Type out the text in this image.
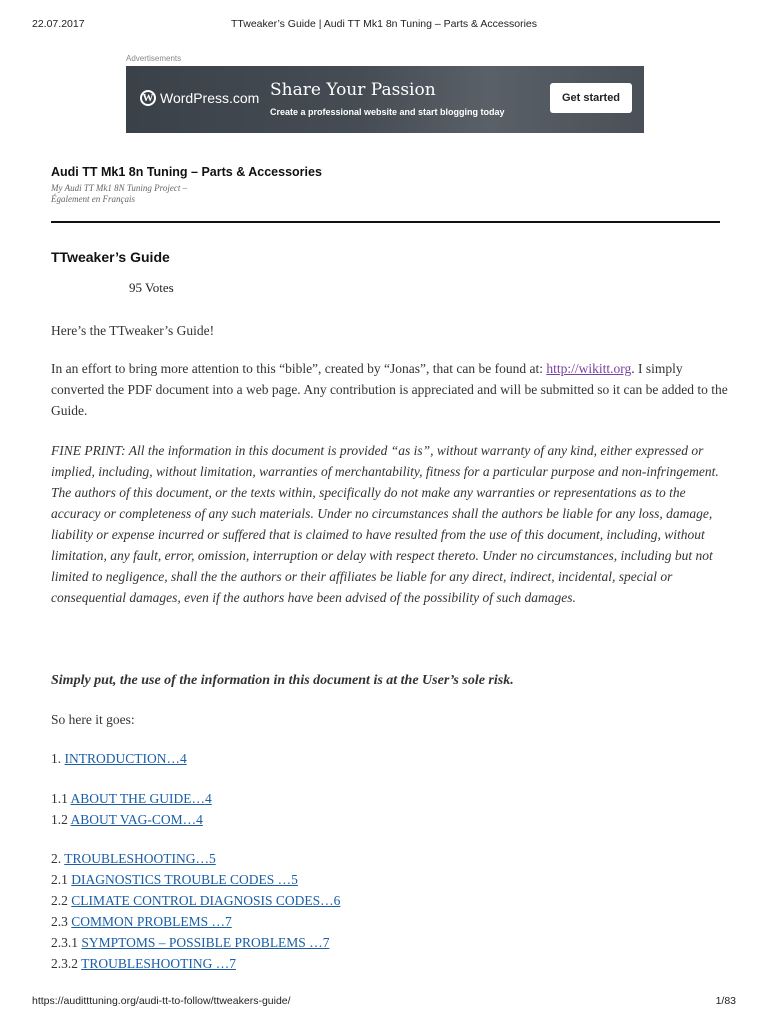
22.07.2017	TTweaker’s Guide | Audi TT Mk1 8n Tuning – Parts & Accessories
Advertisements
W WordPress.com Share Your Passion
Create a professional website and start blogging today
Get started
Audi TT Mk1 8n Tuning – Parts & Accessories
My Audi TT Mk1 8N Tuning Project –
Également en Français
TTweaker’s Guide
95 Votes

Here’s the TTweaker’s Guide!

In an effort to bring more attention to this “bible”, created by “Jonas”, that can be found at: http://wikitt.org. I simply converted the PDF document into a web page. Any contribution is appreciated and will be submitted so it can be added to the Guide.

FINE PRINT: All the information in this document is provided “as is”, without warranty of any kind, either expressed or implied, including, without limitation, warranties of merchantability, fitness for a particular purpose and non-infringement.
The authors of this document, or the texts within, specifically do not make any warranties or representations as to the accuracy or completeness of any such materials. Under no circumstances shall the authors be liable for any loss, damage, liability or expense incurred or suffered that is claimed to have resulted from the use of this document, including, without limitation, any fault, error, omission, interruption or delay with respect thereto. Under no circumstances, including but not limited to negligence, shall the the authors or their affiliates be liable for any direct, indirect, incidental, special or consequential damages, even if the authors have been advised of the possibility of such damages.

Simply put, the use of the information in this document is at the User’s sole risk.

So here it goes:

1. INTRODUCTION…4
1.1 ABOUT THE GUIDE…4
1.2 ABOUT VAG-COM…4
2. TROUBLESHOOTING…5
2.1 DIAGNOSTICS TROUBLE CODES …5
2.2 CLIMATE CONTROL DIAGNOSIS CODES…6
2.3 COMMON PROBLEMS …7
2.3.1 SYMPTOMS – POSSIBLE PROBLEMS …7
2.3.2 TROUBLESHOOTING …7
https://auditttuning.org/audi-tt-to-follow/ttweakers-guide/	1/83
